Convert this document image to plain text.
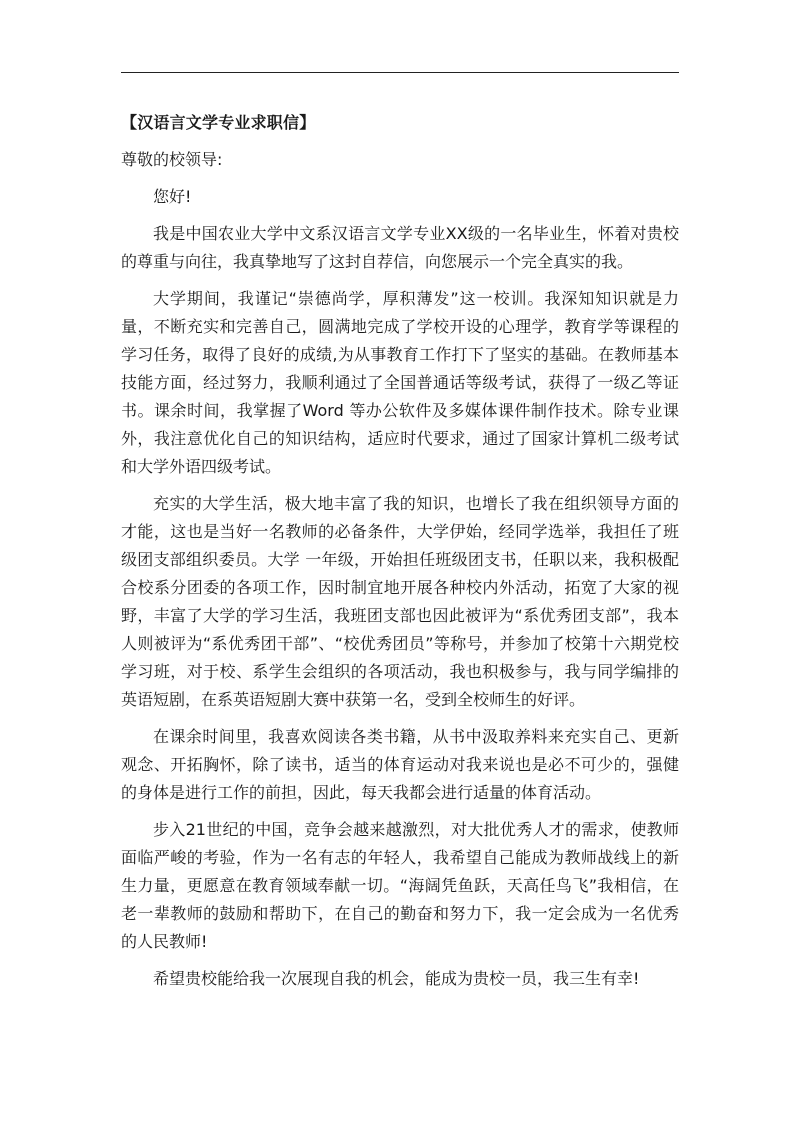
【汉语言文学专业求职信】
尊敬的校领导:

您好!

我是中国农业大学中文系汉语言文学专业XX级的一名毕业生，怀着对贵校的尊重与向往，我真挚地写了这封自荐信，向您展示一个完全真实的我。

大学期间，我谨记“崇德尚学，厚积薄发”这一校训。我深知知识就是力量，不断充实和完善自己，圆满地完成了学校开设的心理学，教育学等课程的学习任务，取得了良好的成绩,为从事教育工作打下了坚实的基础。在教师基本技能方面，经过努力，我顺利通过了全国普通话等级考试，获得了一级乙等证书。课余时间，我掌握了Word 等办公软件及多媒体课件制作技术。除专业课外，我注意优化自己的知识结构，适应时代要求，通过了国家计算机二级考试和大学外语四级考试。

充实的大学生活，极大地丰富了我的知识，也增长了我在组织领导方面的才能，这也是当好一名教师的必备条件，大学伊始，经同学选举，我担任了班级团支部组织委员。大学 一年级，开始担任班级团支书，任职以来，我积极配合校系分团委的各项工作，因时制宜地开展各种校内外活动，拓宽了大家的视野，丰富了大学的学习生活，我班团支部也因此被评为“系优秀团支部”，我本人则被评为“系优秀团干部”、“校优秀团员”等称号，并参加了校第十六期党校学习班，对于校、系学生会组织的各项活动，我也积极参与，我与同学编排的英语短剧，在系英语短剧大赛中获第一名，受到全校师生的好评。

在课余时间里，我喜欢阅读各类书籍，从书中汲取养料来充实自己、更新观念、开拓胸怀，除了读书，适当的体育运动对我来说也是必不可少的，强健的身体是进行工作的前担，因此，每天我都会进行适量的体育活动。

步入21世纪的中国，竞争会越来越激烈，对大批优秀人才的需求，使教师面临严峻的考验，作为一名有志的年轻人，我希望自己能成为教师战线上的新生力量，更愿意在教育领域奉献一切。“海阔凭鱼跃，天高任鸟飞”我相信，在老一辈教师的鼓励和帮助下，在自己的勤奋和努力下，我一定会成为一名优秀的人民教师!

希望贵校能给我一次展现自我的机会，能成为贵校一员，我三生有幸!
